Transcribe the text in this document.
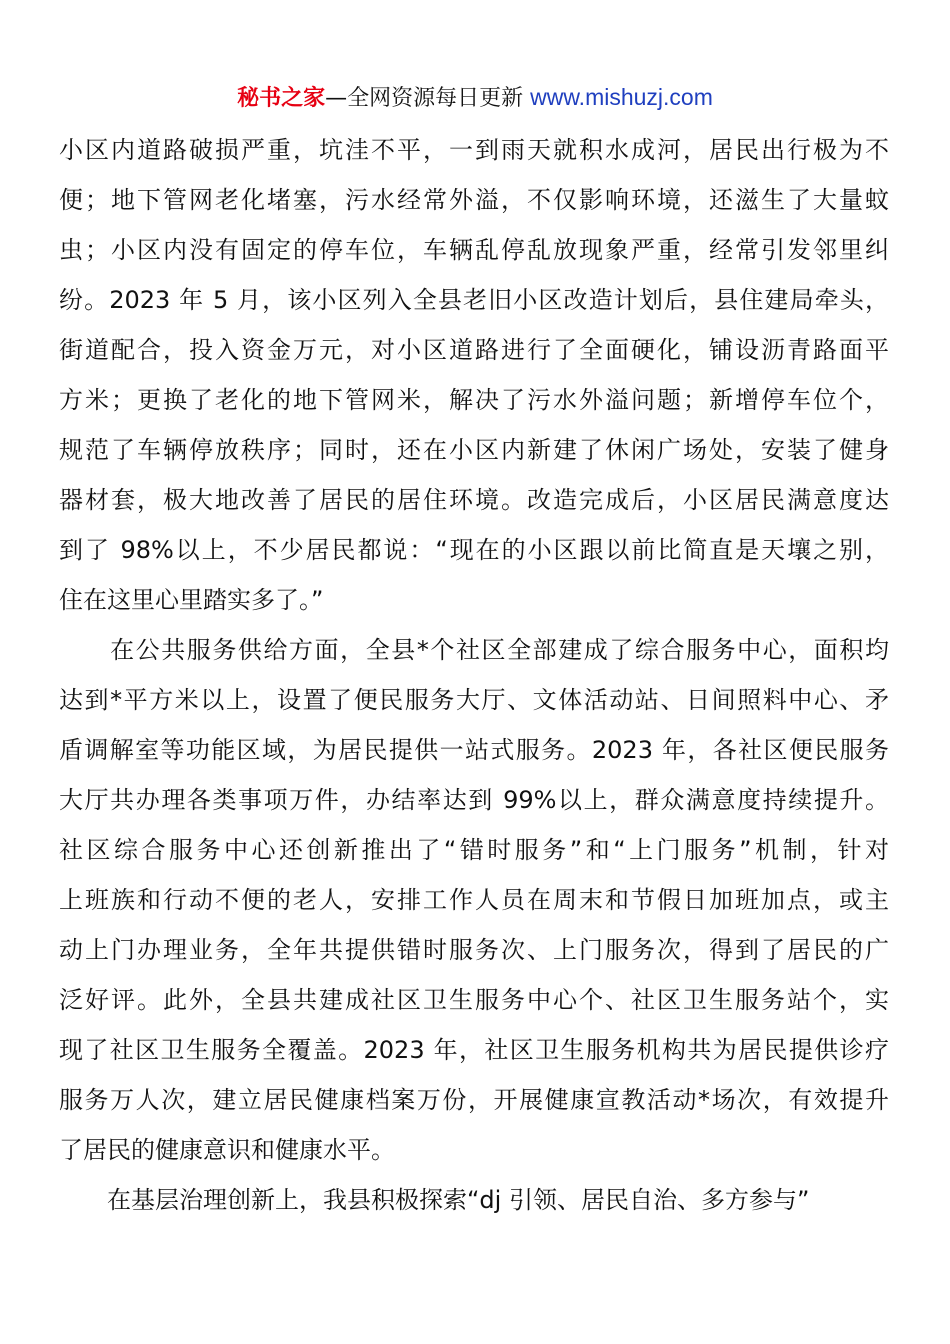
秘书之家—全网资源每日更新 www.mishuzj.com
小区内道路破损严重，坑洼不平，一到雨天就积水成河，居民出行极为不
便；地下管网老化堵塞，污水经常外溢，不仅影响环境，还滋生了大量蚊
虫；小区内没有固定的停车位，车辆乱停乱放现象严重，经常引发邻里纠
纷。2023 年 5 月，该小区列入全县老旧小区改造计划后，县住建局牵头，
街道配合，投入资金万元，对小区道路进行了全面硬化，铺设沥青路面平
方米；更换了老化的地下管网米，解决了污水外溢问题；新增停车位个，
规范了车辆停放秩序；同时，还在小区内新建了休闲广场处，安装了健身
器材套，极大地改善了居民的居住环境。改造完成后，小区居民满意度达
到了 98%以上，不少居民都说：“现在的小区跟以前比简直是天壤之别，
住在这里心里踏实多了。”
　　在公共服务供给方面，全县*个社区全部建成了综合服务中心，面积均
达到*平方米以上，设置了便民服务大厅、文体活动站、日间照料中心、矛
盾调解室等功能区域，为居民提供一站式服务。2023 年，各社区便民服务
大厅共办理各类事项万件，办结率达到 99%以上，群众满意度持续提升。
社区综合服务中心还创新推出了“错时服务”和“上门服务”机制，针对
上班族和行动不便的老人，安排工作人员在周末和节假日加班加点，或主
动上门办理业务，全年共提供错时服务次、上门服务次，得到了居民的广
泛好评。此外，全县共建成社区卫生服务中心个、社区卫生服务站个，实
现了社区卫生服务全覆盖。2023 年，社区卫生服务机构共为居民提供诊疗
服务万人次，建立居民健康档案万份，开展健康宣教活动*场次，有效提升
了居民的健康意识和健康水平。
　　在基层治理创新上，我县积极探索“dj 引领、居民自治、多方参与”
